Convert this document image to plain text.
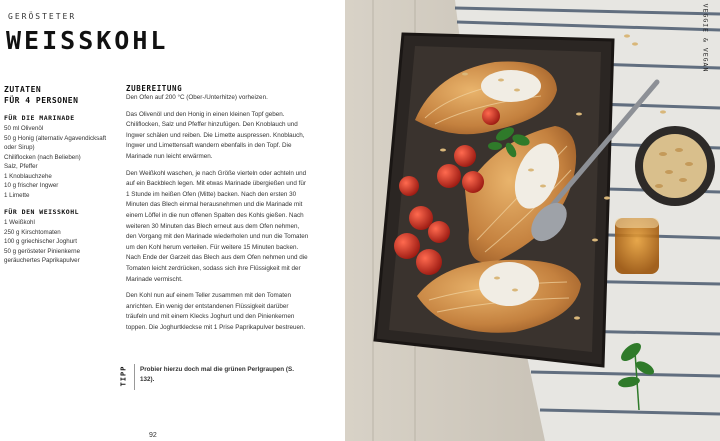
GERÖSTETER
WEISSKOHL
ZUTATEN
FÜR 4 PERSONEN
FÜR DIE MARINADE
50 ml Olivenöl
50 g Honig (alternativ Agavendicksaft
oder Sirup)
Chiliflocken (nach Belieben)
Salz, Pfeffer
1 Knoblauchzehe
10 g frischer Ingwer
1 Limette
FÜR DEN WEISSKOHL
1 Weißkohl
250 g Kirschtomaten
100 g griechischer Joghurt
50 g gerösteter Pinienkerne
geräuchertes Paprikapulver
ZUBEREITUNG

Den Ofen auf 200 °C (Ober-/Unterhitze) vorheizen.

Das Olivenöl und den Honig in einen kleinen Topf geben. Chiliflocken, Salz und Pfeffer hinzufügen. Den Knoblauch und Ingwer schälen und reiben. Die Limette auspressen. Knoblauch, Ingwer und Limettensaft wandern ebenfalls in den Topf. Die Marinade nun leicht erwärmen.

Den Weißkohl waschen, je nach Größe vierteln oder achteln und auf ein Backblech legen. Mit etwas Marinade übergießen und für 1 Stunde im heißen Ofen (Mitte) backen. Nach den ersten 30 Minuten das Blech einmal herausnehmen und die Marinade mit einem Löffel in die nun offenen Spalten des Kohls gießen. Nach weiteren 30 Minuten das Blech erneut aus dem Ofen nehmen, den Vorgang mit den Marinade wiederholen und nun die Tomaten um den Kohl herum verteilen. Für weitere 15 Minuten backen. Nach Ende der Garzeit das Blech aus dem Ofen nehmen und die Tomaten leicht zerdrücken, sodass sich ihre Flüssigkeit mit der Marinade vermischt.

Den Kohl nun auf einem Teller zusammen mit den Tomaten anrichten. Ein wenig der entstandenen Flüssigkeit darüber träufeln und mit einem Klecks Joghurt und den Pinienkernen toppen. Die Joghurtkleckse mit 1 Prise Paprikapulver bestreuen.

TIPP Probier hierzu doch mal die grünen Perlgraupen (S. 132).
92
VEGGIE & VEGAN
